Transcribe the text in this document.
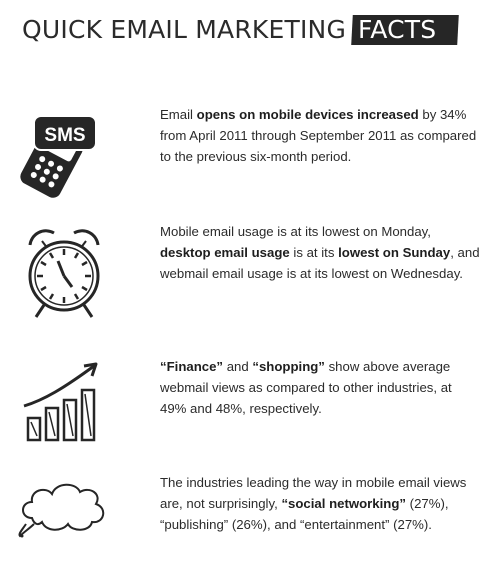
QUICK EMAIL MARKETING FACTS
SMS
Email opens on mobile devices increased by 34% from April 2011 through September 2011 as compared to the previous six-month period.
Mobile email usage is at its lowest on Monday, desktop email usage is at its lowest on Sunday, and webmail email usage is at its lowest on Wednesday.
“Finance” and “shopping” show above average webmail views as compared to other industries, at 49% and 48%, respectively.
The industries leading the way in mobile email views are, not surprisingly, “social networking” (27%), “publishing” (26%), and “entertainment” (27%).
